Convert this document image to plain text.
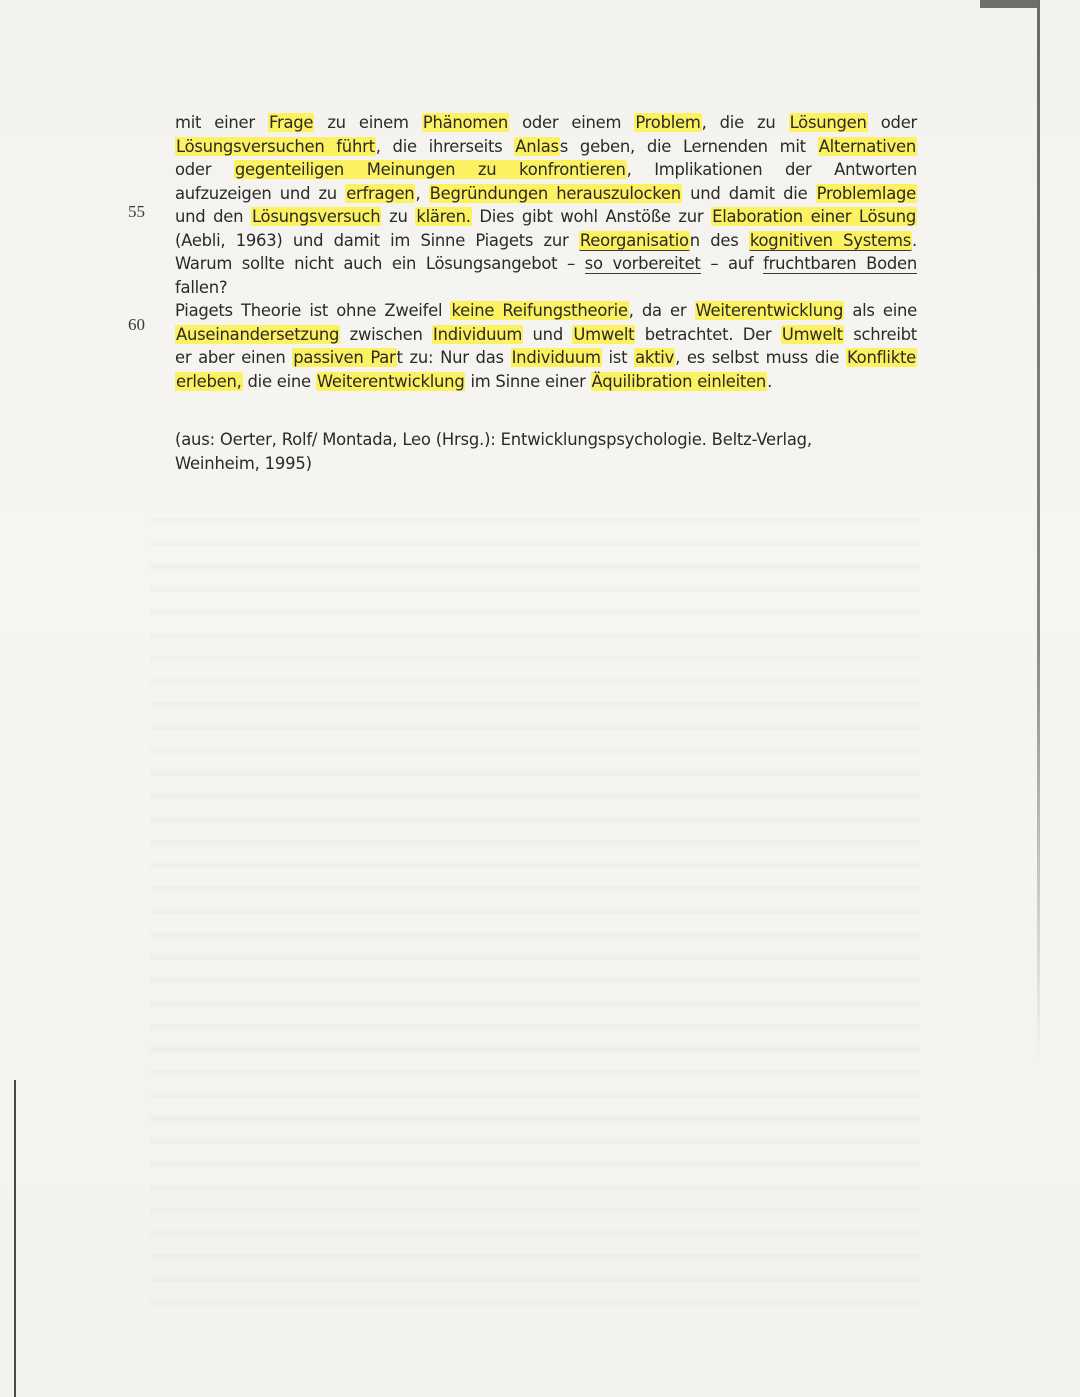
55
60
mit einer Frage zu einem Phänomen oder einem Problem, die zu Lösungen oder
Lösungsversuchen führt, die ihrerseits Anlass geben, die Lernenden mit Alternativen
oder gegenteiligen Meinungen zu konfrontieren, Implikationen der Antworten
aufzuzeigen und zu erfragen, Begründungen herauszulocken und damit die Problemlage
und den Lösungsversuch zu klären. Dies gibt wohl Anstöße zur Elaboration einer Lösung
(Aebli, 1963) und damit im Sinne Piagets zur Reorganisation des kognitiven Systems.
Warum sollte nicht auch ein Lösungsangebot – so vorbereitet – auf fruchtbaren Boden
fallen?
Piagets Theorie ist ohne Zweifel keine Reifungstheorie, da er Weiterentwicklung als eine
Auseinandersetzung zwischen Individuum und Umwelt betrachtet. Der Umwelt schreibt
er aber einen passiven Part zu: Nur das Individuum ist aktiv, es selbst muss die Konflikte
erleben, die eine Weiterentwicklung im Sinne einer Äquilibration einleiten.
(aus: Oerter, Rolf/ Montada, Leo (Hrsg.): Entwicklungspsychologie. Beltz-Verlag,
Weinheim, 1995)
